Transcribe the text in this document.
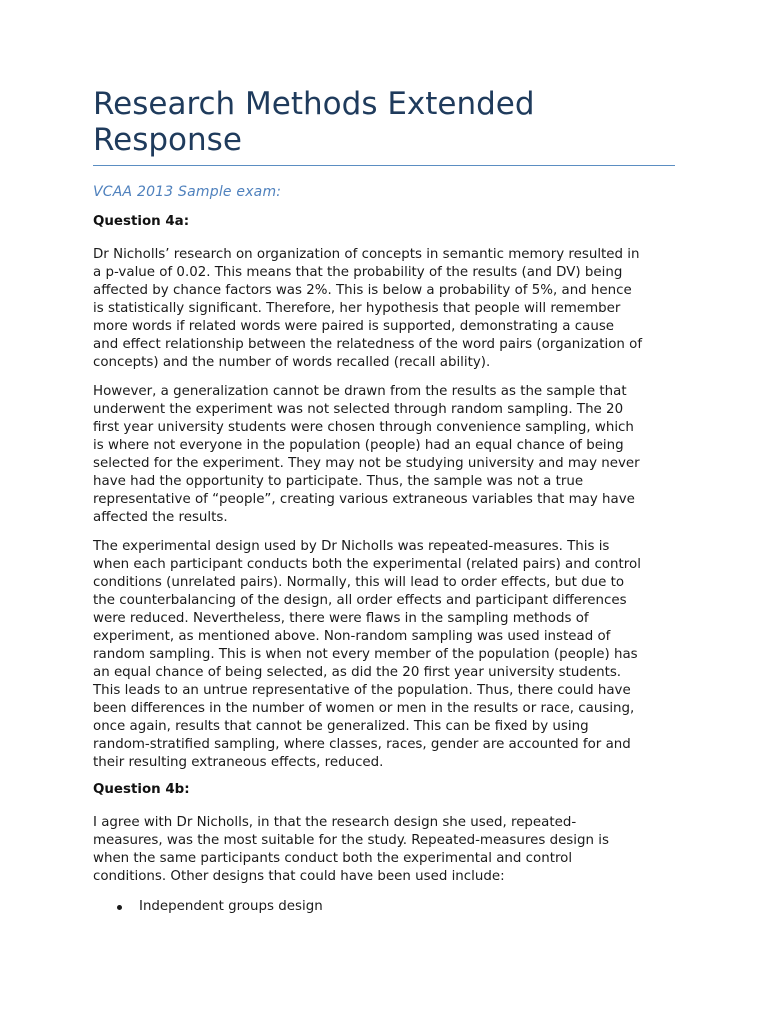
Research Methods Extended
Response

VCAA 2013 Sample exam:

Question 4a:

Dr Nicholls’ research on organization of concepts in semantic memory resulted in
a p-value of 0.02. This means that the probability of the results (and DV) being
affected by chance factors was 2%. This is below a probability of 5%, and hence
is statistically significant. Therefore, her hypothesis that people will remember
more words if related words were paired is supported, demonstrating a cause
and effect relationship between the relatedness of the word pairs (organization of
concepts) and the number of words recalled (recall ability).

However, a generalization cannot be drawn from the results as the sample that
underwent the experiment was not selected through random sampling. The 20
first year university students were chosen through convenience sampling, which
is where not everyone in the population (people) had an equal chance of being
selected for the experiment. They may not be studying university and may never
have had the opportunity to participate. Thus, the sample was not a true
representative of “people”, creating various extraneous variables that may have
affected the results.

The experimental design used by Dr Nicholls was repeated-measures. This is
when each participant conducts both the experimental (related pairs) and control
conditions (unrelated pairs). Normally, this will lead to order effects, but due to
the counterbalancing of the design, all order effects and participant differences
were reduced. Nevertheless, there were flaws in the sampling methods of
experiment, as mentioned above. Non-random sampling was used instead of
random sampling. This is when not every member of the population (people) has
an equal chance of being selected, as did the 20 first year university students.
This leads to an untrue representative of the population. Thus, there could have
been differences in the number of women or men in the results or race, causing,
once again, results that cannot be generalized. This can be fixed by using
random-stratified sampling, where classes, races, gender are accounted for and
their resulting extraneous effects, reduced.

Question 4b:

I agree with Dr Nicholls, in that the research design she used, repeated-
measures, was the most suitable for the study. Repeated-measures design is
when the same participants conduct both the experimental and control
conditions. Other designs that could have been used include:

Independent groups design
